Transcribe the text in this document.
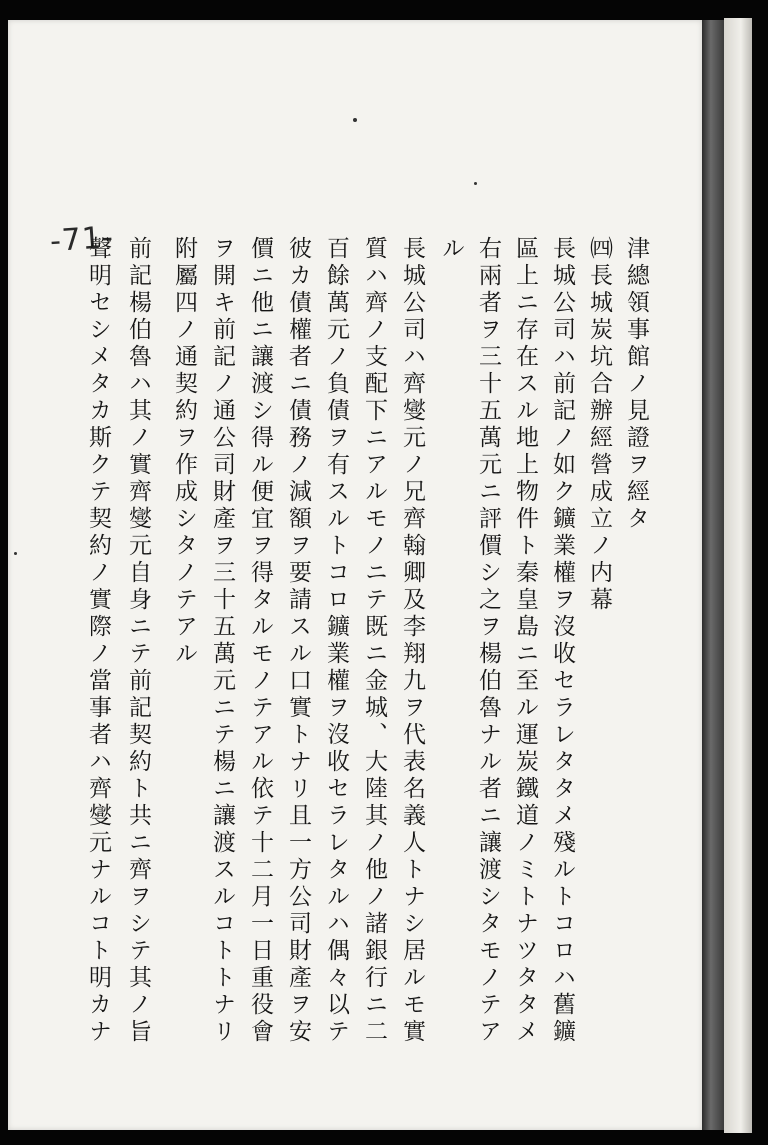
-71-	津總領事館ノ見證ヲ經タ
㈣長城炭坑合辦經營成立ノ内幕
長城公司ハ前記ノ如ク鑛業權ヲ沒收セラレタタメ殘ルトコロハ舊鑛
區上ニ存在スル地上物件ト秦皇島ニ至ル運炭鐵道ノミトナツタタメ
右兩者ヲ三十五萬元ニ評價シ之ヲ楊伯魯ナル者ニ讓渡シタモノテア
ル
長城公司ハ齊燮元ノ兄齊翰卿及李翔九ヲ代表名義人トナシ居ルモ實
質ハ齊ノ支配下ニアルモノニテ既ニ金城、大陸其ノ他ノ諸銀行ニ二
百餘萬元ノ負債ヲ有スルトコロ鑛業權ヲ沒收セラレタルハ偶々以テ
彼カ債權者ニ債務ノ減額ヲ要請スル口實トナリ且一方公司財產ヲ安
價ニ他ニ讓渡シ得ル便宜ヲ得タルモノテアル依テ十二月一日重役會
ヲ開キ前記ノ通公司財產ヲ三十五萬元ニテ楊ニ讓渡スルコトトナリ
附屬四ノ通契約ヲ作成シタノテアル
前記楊伯魯ハ其ノ實齊燮元自身ニテ前記契約ト共ニ齊ヲシテ其ノ旨
聲明セシメタカ斯クテ契約ノ實際ノ當事者ハ齊燮元ナルコト明カナ
